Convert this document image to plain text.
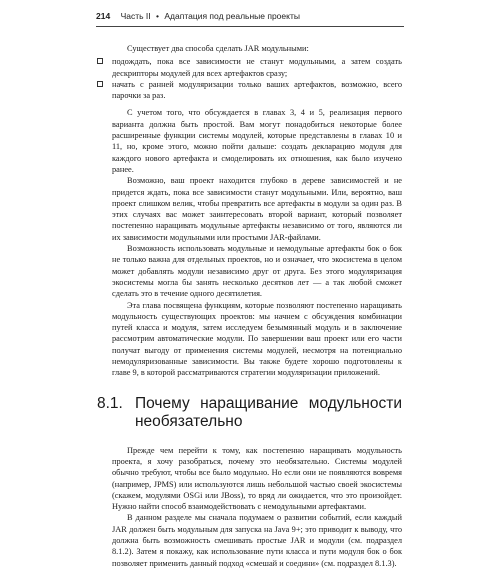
214 Часть II • Адаптация под реальные проекты

Существует два способа сделать JAR модульными:

подождать, пока все зависимости не станут модульными, а затем создать дескрипторы модулей для всех артефактов сразу;
начать с ранней модуляризации только ваших артефактов, возможно, всего парочки за раз.

С учетом того, что обсуждается в главах 3, 4 и 5, реализация первого варианта должна быть простой. Вам могут понадобиться некоторые более расширенные функции системы модулей, которые представлены в главах 10 и 11, но, кроме этого, можно пойти дальше: создать декларацию модуля для каждого нового артефакта и смоделировать их отношения, как было изучено ранее.

Возможно, ваш проект находится глубоко в дереве зависимостей и не придется ждать, пока все зависимости станут модульными. Или, вероятно, ваш проект слишком велик, чтобы превратить все артефакты в модули за один раз. В этих случаях вас может заинтересовать второй вариант, который позволяет постепенно наращивать модульные артефакты независимо от того, являются ли их зависимости модульными или простыми JAR-файлами.

Возможность использовать модульные и немодульные артефакты бок о бок не только важна для отдельных проектов, но и означает, что экосистема в целом может добавлять модули независимо друг от друга. Без этого модуляризация экосистемы могла бы занять несколько десятков лет — а так любой сможет сделать это в течение одного десятилетия.

Эта глава посвящена функциям, которые позволяют постепенно наращивать модульность существующих проектов: мы начнем с обсуждения комбинации путей класса и модуля, затем исследуем безымянный модуль и в заключение рассмотрим автоматические модули. По завершении ваш проект или его части получат выгоду от применения системы модулей, несмотря на потенциально немодуляризованные зависимости. Вы также будете хорошо подготовлены к главе 9, в которой рассматриваются стратегии модуляризации приложений.

8.1. Почему наращивание модульности необязательно

Прежде чем перейти к тому, как постепенно наращивать модульность проекта, я хочу разобраться, почему это необязательно. Системы модулей обычно требуют, чтобы все было модульно. Но если они не появляются вовремя (например, JPMS) или используются лишь небольшой частью своей экосистемы (скажем, модулями OSGi или JBoss), то вряд ли ожидается, что это произойдет. Нужно найти способ взаимодействовать с немодульными артефактами.

В данном разделе мы сначала подумаем о развитии событий, если каждый JAR должен быть модульным для запуска на Java 9+; это приводит к выводу, что должна быть возможность смешивать простые JAR и модули (см. подраздел 8.1.2). Затем я покажу, как использование пути класса и пути модуля бок о бок позволяет применить данный подход «смешай и соедини» (см. подраздел 8.1.3).
